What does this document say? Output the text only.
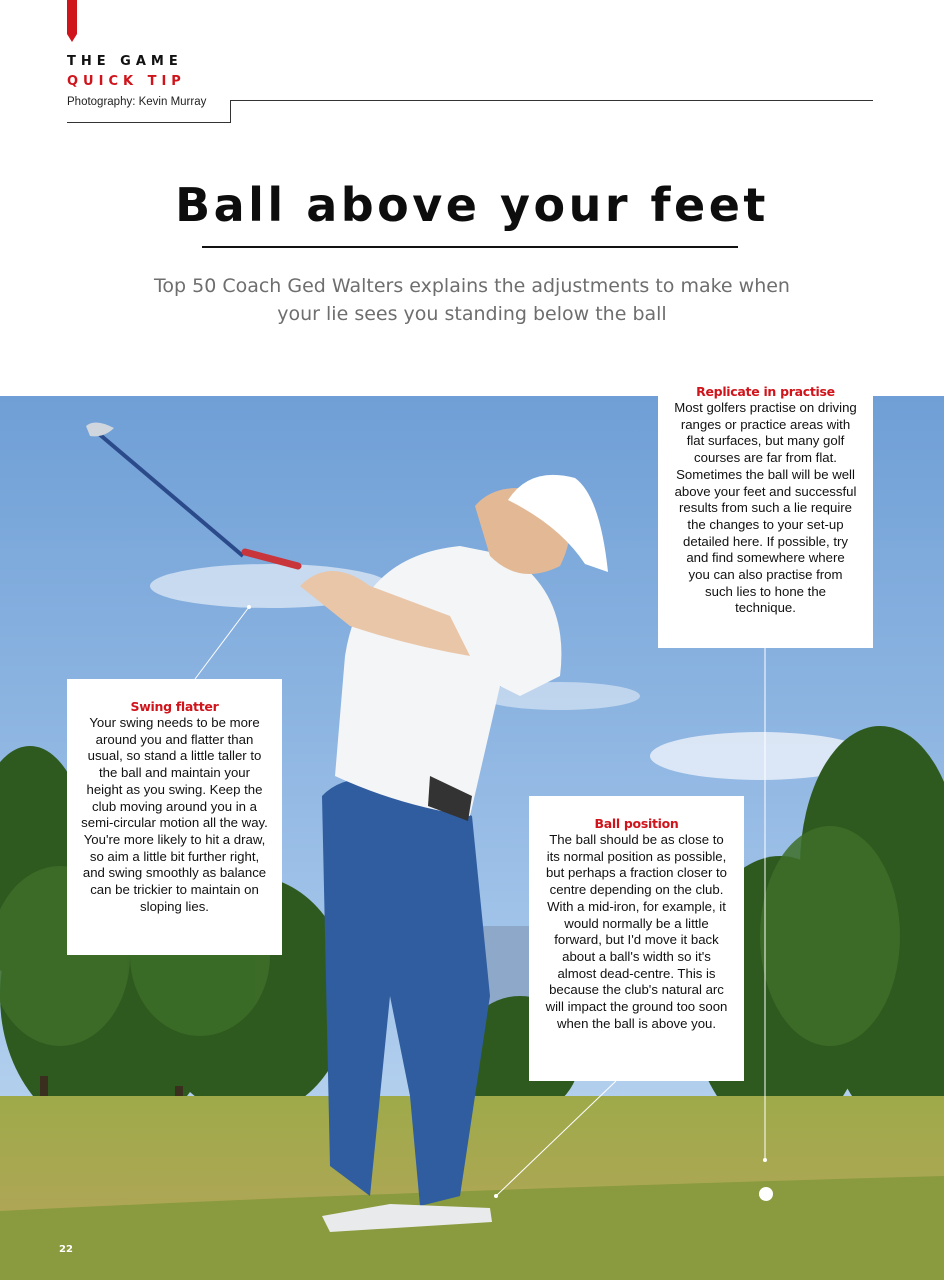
THE GAME
QUICK TIP
Photography: Kevin Murray
Ball above your feet

Top 50 Coach Ged Walters explains the adjustments to make when your lie sees you standing below the ball

Replicate in practise

Most golfers practise on driving ranges or practice areas with flat surfaces, but many golf courses are far from flat. Sometimes the ball will be well above your feet and successful results from such a lie require the changes to your set-up detailed here. If possible, try and find somewhere where you can also practise from such lies to hone the technique.

Swing flatter

Your swing needs to be more around you and flatter than usual, so stand a little taller to the ball and maintain your height as you swing. Keep the club moving around you in a semi-circular motion all the way. You're more likely to hit a draw, so aim a little bit further right, and swing smoothly as balance can be trickier to maintain on sloping lies.

Ball position

The ball should be as close to its normal position as possible, but perhaps a fraction closer to centre depending on the club. With a mid-iron, for example, it would normally be a little forward, but I'd move it back about a ball's width so it's almost dead-centre. This is because the club's natural arc will impact the ground too soon when the ball is above you.

22
